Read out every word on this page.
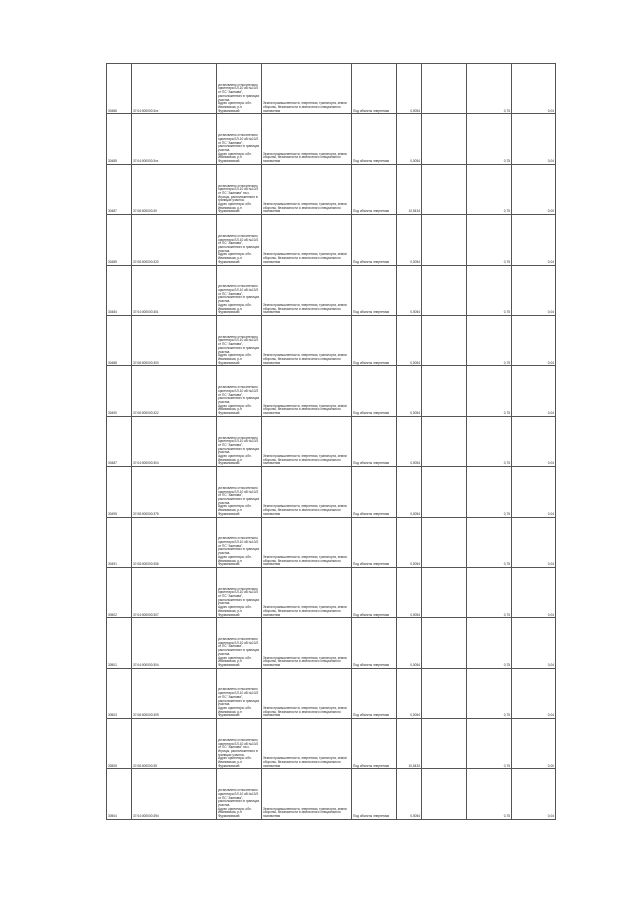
30486	37:04:000000:3xx	установлено относительно ориентира БЛ-10 кВ №10/2 от ПС "Акинова", расположенного в границах участка.
Адрес ориентира: обл. Ивановская, р-н Фурмановский	Земли промышленности, энергетики, транспорта, земли обороны, безопасности и земли иного специального назначения	Под объекты энергетики	0,0054		0,75	0,04
30485	37:04:000000:3xx	установлено относительно ориентира БЛ-10 кВ №10/2 от ПС "Акинова", расположенного в границах участка.
Адрес ориентира: обл. Ивановская, р-н Фурмановский	Земли промышленности, энергетики, транспорта, земли обороны, безопасности и земли иного специального назначения	Под объекты энергетики	0,0054		0,75	0,04
30487	37:08:000000:30	установлено относительно ориентира БЛ-10 кВ №10/2 от ПС "Акинова" на с. Игрицы, расположенного в границах участка.
Адрес ориентира: обл. Ивановская, р-н Фурмановский	Земли промышленности, энергетики, транспорта, земли обороны, безопасности и земли иного специального назначения	Под объекты энергетики	10,5434		0,75	0,00
30489	37:08:000000:320	установлено относительно ориентира БЛ-10 кВ №10/2 от ПС "Акинова", расположенного в границах участка.
Адрес ориентира: обл. Ивановская, р-н Фурмановский	Земли промышленности, энергетики, транспорта, земли обороны, безопасности и земли иного специального назначения	Под объекты энергетики	0,0054		0,75	0,04
30484	37:04:000000:301	установлено относительно ориентира БЛ-10 кВ №10/2 от ПС "Акинова", расположенного в границах участка.
Адрес ориентира: обл. Ивановская, р-н Фурмановский	Земли промышленности, энергетики, транспорта, земли обороны, безопасности и земли иного специального назначения	Под объекты энергетики	0,0054		0,75	0,04
30488	37:08:000000:300	установлено относительно ориентира БЛ-10 кВ №10/2 от ПС "Акинова", расположенного в границах участка.
Адрес ориентира: обл. Ивановская, р-н Фурмановский	Земли промышленности, энергетики, транспорта, земли обороны, безопасности и земли иного специального назначения	Под объекты энергетики	0,0054		0,75	0,04
30490	37:08:000000:322	установлено относительно ориентира БЛ-10 кВ №10/2 от ПС "Акинова", расположенного в границах участка.
Адрес ориентира: обл. Ивановская, р-н Фурмановский	Земли промышленности, энергетики, транспорта, земли обороны, безопасности и земли иного специального назначения	Под объекты энергетики	0,0054		0,75	0,04
30487	37:04:000000:304	установлено относительно ориентира БЛ-10 кВ №10/2 от ПС "Акинова", расположенного в границах участка.
Адрес ориентира: обл. Ивановская, р-н Фурмановский	Земли промышленности, энергетики, транспорта, земли обороны, безопасности и земли иного специального назначения	Под объекты энергетики	0,0054		0,75	0,04
30495	37:08:000000:375	установлено относительно ориентира БЛ-10 кВ №10/2 от ПС "Акинова", расположенного в границах участка.
Адрес ориентира: обл. Ивановская, р-н Фурмановский	Земли промышленности, энергетики, транспорта, земли обороны, безопасности и земли иного специального назначения	Под объекты энергетики	0,0054		0,75	0,04
30491	37:08:000000:306	установлено относительно ориентира БЛ-10 кВ №10/2 от ПС "Акинова", расположенного в границах участка.
Адрес ориентира: обл. Ивановская, р-н Фурмановский	Земли промышленности, энергетики, транспорта, земли обороны, безопасности и земли иного специального назначения	Под объекты энергетики	0,0054		0,75	0,04
30502	37:04:000000:307	установлено относительно ориентира БЛ-10 кВ №10/2 от ПС "Акинова", расположенного в границах участка.
Адрес ориентира: обл. Ивановская, р-н Фурмановский	Земли промышленности, энергетики, транспорта, земли обороны, безопасности и земли иного специального назначения	Под объекты энергетики	0,0054		0,75	0,04
30501	37:04:000000:304	установлено относительно ориентира БЛ-10 кВ №10/2 от ПС "Акинова", расположенного в границах участка.
Адрес ориентира: обл. Ивановская, р-н Фурмановский	Земли промышленности, энергетики, транспорта, земли обороны, безопасности и земли иного специального назначения	Под объекты энергетики	0,0054		0,75	0,04
30503	37:08:000000:309	установлено относительно ориентира БЛ-10 кВ №10/2 от ПС "Акинова", расположенного в границах участка.
Адрес ориентира: обл. Ивановская, р-н Фурмановский	Земли промышленности, энергетики, транспорта, земли обороны, безопасности и земли иного специального назначения	Под объекты энергетики	0,0054		0,75	0,04
30505	37:08:000000:35	установлено относительно ориентира БЛ-10 кВ №10/2 от ПС "Акинова" на с. Игрицы, расположенного в границах участка.
Адрес ориентира: обл. Ивановская, р-н Фурмановский	Земли промышленности, энергетики, транспорта, земли обороны, безопасности и земли иного специального назначения	Под объекты энергетики	10,5434		0,75	0,00
30504	37:04:000000:394	установлено относительно ориентира БЛ-10 кВ №10/2 от ПС "Акинова", расположенного в границах участка.
Адрес ориентира: обл. Ивановская, р-н Фурмановский	Земли промышленности, энергетики, транспорта, земли обороны, безопасности и земли иного специального назначения	Под объекты энергетики	0,0054		0,75	0,04
